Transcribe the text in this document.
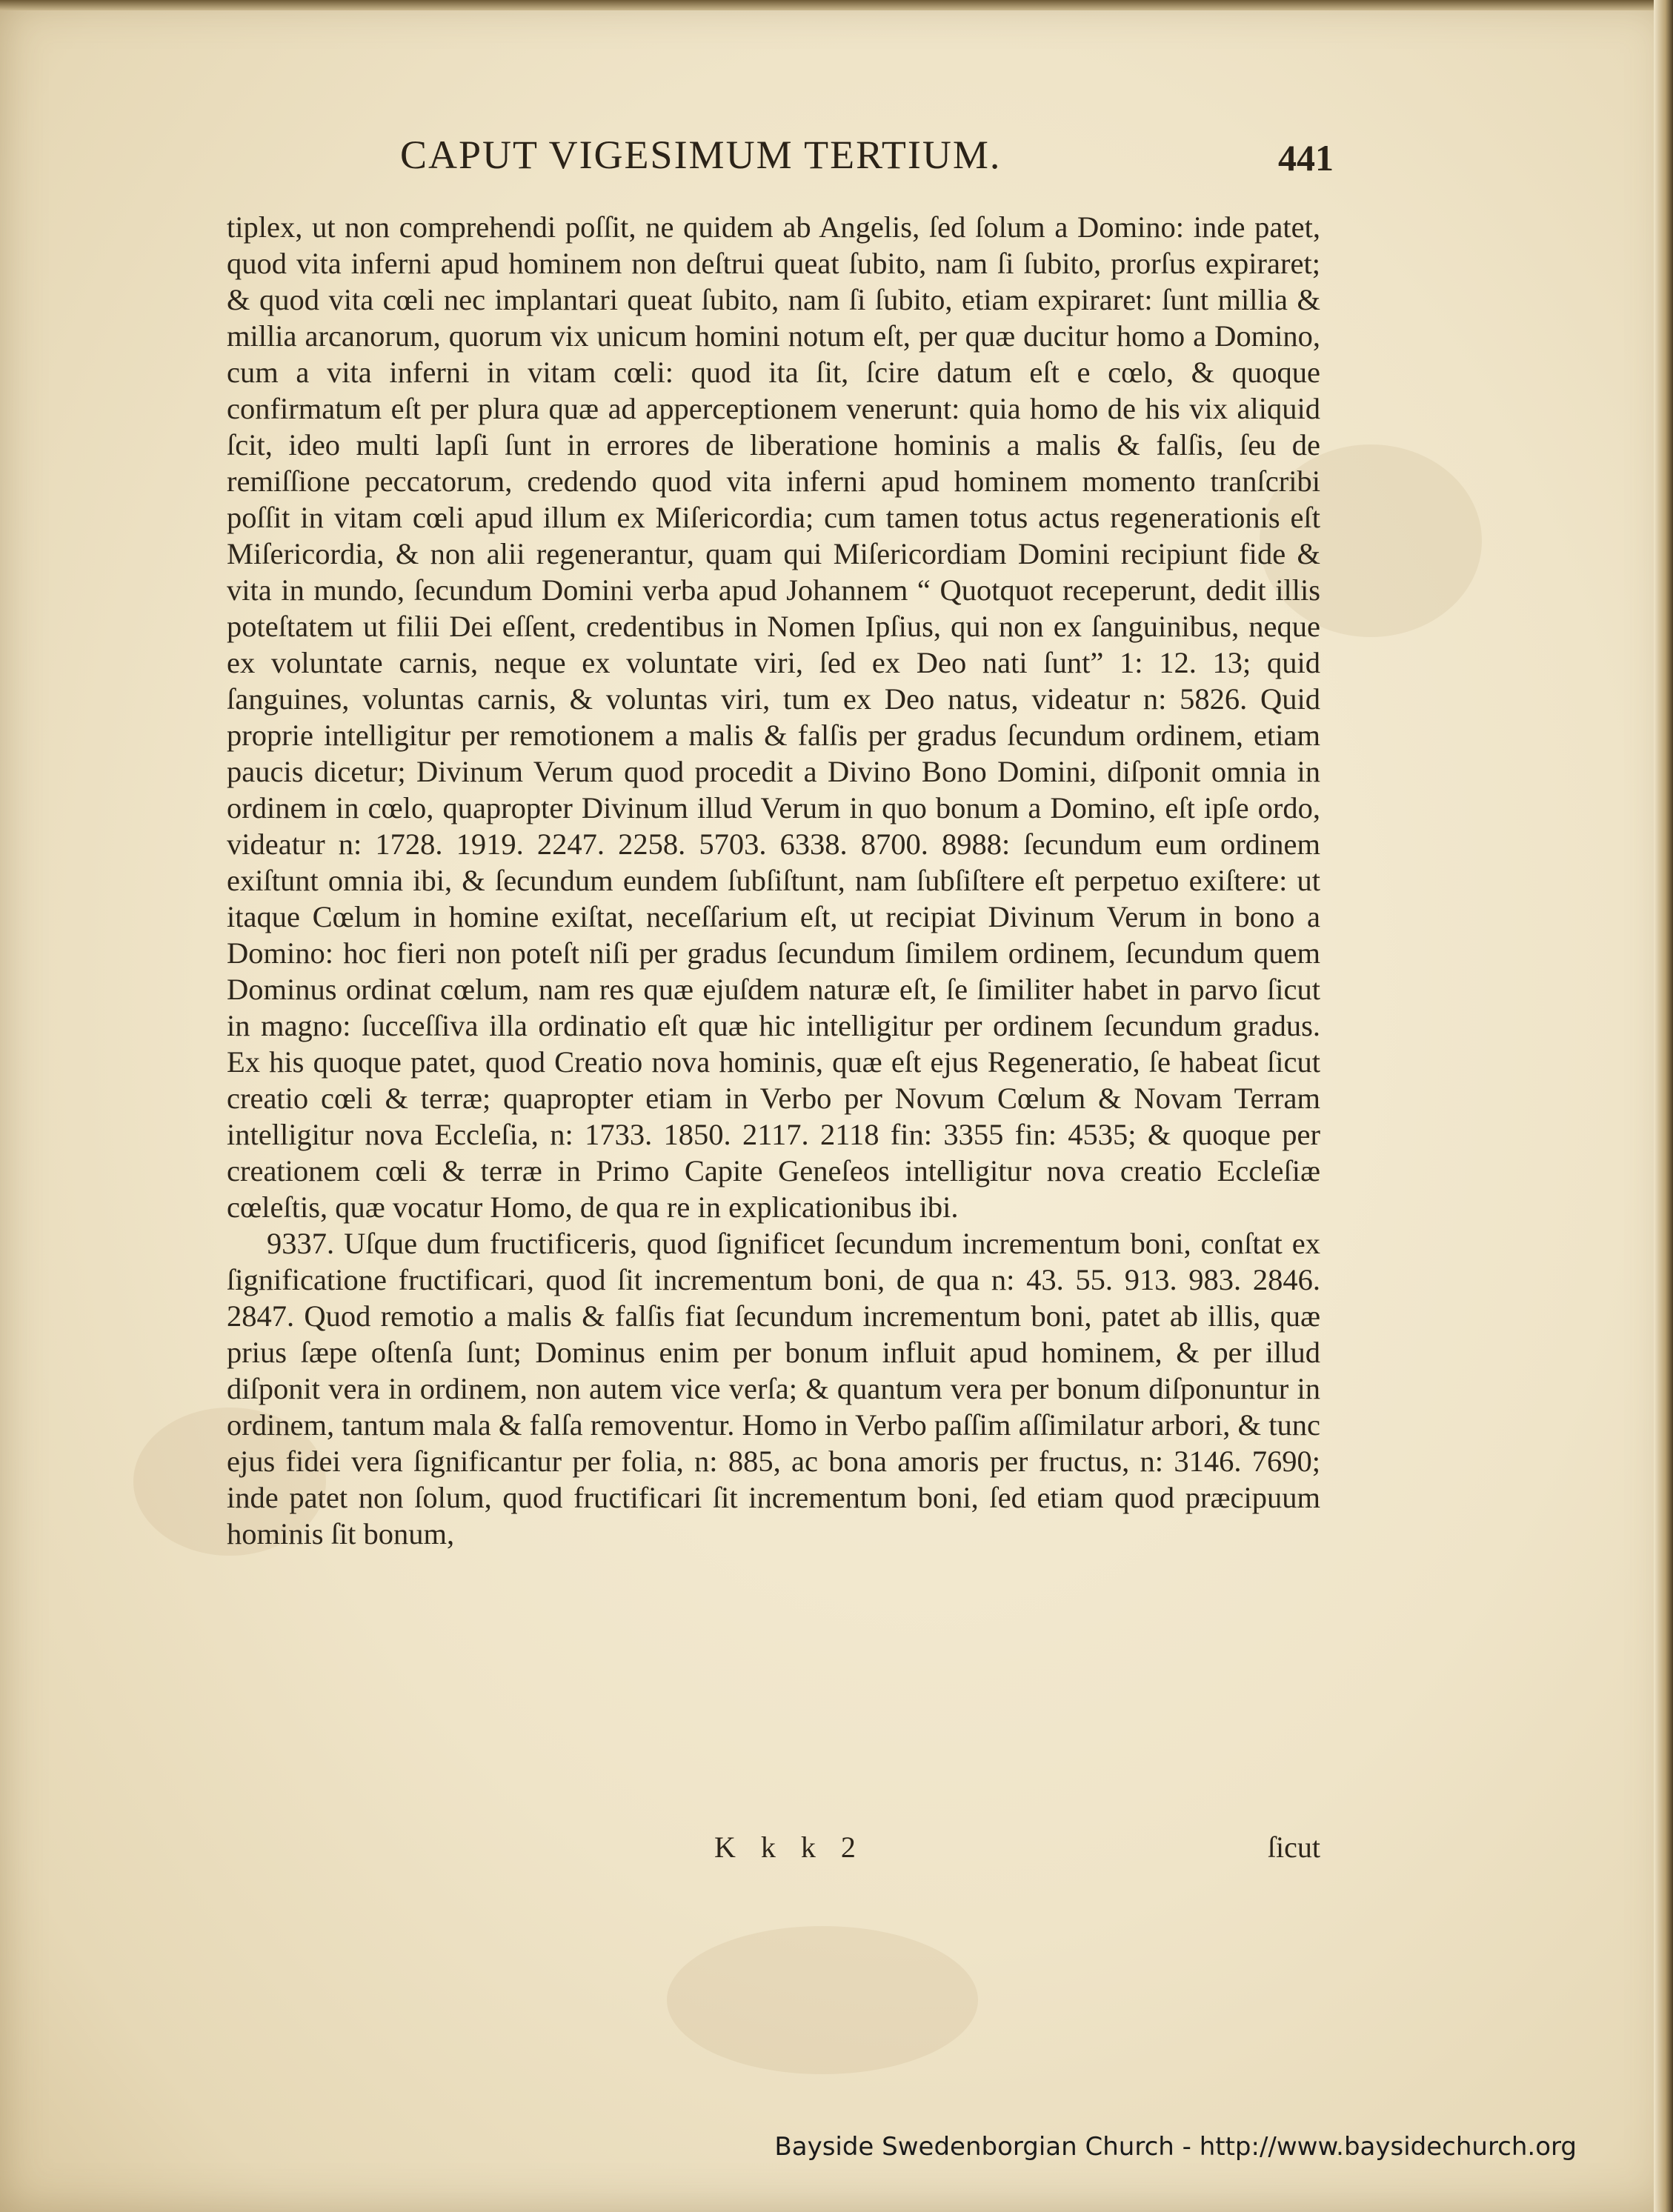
CAPUT VIGESIMUM TERTIUM.	441

tiplex, ut non comprehendi poſſit, ne quidem ab Angelis, ſed ſolum a Domino: inde patet, quod vita inferni apud hominem non deſtrui queat ſubito, nam ſi ſubito, prorſus expiraret; & quod vita cœli nec implantari queat ſubito, nam ſi ſubito, etiam expiraret: ſunt millia & millia arcanorum, quorum vix unicum homini notum eſt, per quæ ducitur homo a Domino, cum a vita inferni in vitam cœli: quod ita ſit, ſcire datum eſt e cœlo, & quoque confirmatum eſt per plura quæ ad apperceptionem venerunt: quia homo de his vix aliquid ſcit, ideo multi lapſi ſunt in errores de liberatione hominis a malis & falſis, ſeu de remiſſione peccatorum, credendo quod vita inferni apud hominem momento tranſcribi poſſit in vitam cœli apud illum ex Miſericordia; cum tamen totus actus regenerationis eſt Miſericordia, & non alii regenerantur, quam qui Miſericordiam Domini recipiunt fide & vita in mundo, ſecundum Domini verba apud Johannem “ Quotquot receperunt, dedit illis poteſtatem ut filii Dei eſſent, credentibus in Nomen Ipſius, qui non ex ſanguinibus, neque ex voluntate carnis, neque ex voluntate viri, ſed ex Deo nati ſunt” 1: 12. 13; quid ſanguines, voluntas carnis, & voluntas viri, tum ex Deo natus, videatur n: 5826. Quid proprie intelligitur per remotionem a malis & falſis per gradus ſecundum ordinem, etiam paucis dicetur; Divinum Verum quod procedit a Divino Bono Domini, diſponit omnia in ordinem in cœlo, quapropter Divinum illud Verum in quo bonum a Domino, eſt ipſe ordo, videatur n: 1728. 1919. 2247. 2258. 5703. 6338. 8700. 8988: ſecundum eum ordinem exiſtunt omnia ibi, & ſecundum eundem ſubſiſtunt, nam ſubſiſtere eſt perpetuo exiſtere: ut itaque Cœlum in homine exiſtat, neceſſarium eſt, ut recipiat Divinum Verum in bono a Domino: hoc fieri non poteſt niſi per gradus ſecundum ſimilem ordinem, ſecundum quem Dominus ordinat cœlum, nam res quæ ejuſdem naturæ eſt, ſe ſimiliter habet in parvo ſicut in magno: ſucceſſiva illa ordinatio eſt quæ hic intelligitur per ordinem ſecundum gradus. Ex his quoque patet, quod Creatio nova hominis, quæ eſt ejus Regeneratio, ſe habeat ſicut creatio cœli & terræ; quapropter etiam in Verbo per Novum Cœlum & Novam Terram intelligitur nova Eccleſia, n: 1733. 1850. 2117. 2118 fin: 3355 fin: 4535; & quoque per creationem cœli & terræ in Primo Capite Geneſeos intelligitur nova creatio Eccleſiæ cœleſtis, quæ vocatur Homo, de qua re in explicationibus ibi.

9337. Uſque dum fructificeris, quod ſignificet ſecundum incrementum boni, conſtat ex ſignificatione fructificari, quod ſit incrementum boni, de qua n: 43. 55. 913. 983. 2846. 2847. Quod remotio a malis & falſis fiat ſecundum incrementum boni, patet ab illis, quæ prius ſæpe oſtenſa ſunt; Dominus enim per bonum influit apud hominem, & per illud diſponit vera in ordinem, non autem vice verſa; & quantum vera per bonum diſponuntur in ordinem, tantum mala & falſa removentur. Homo in Verbo paſſim aſſimilatur arbori, & tunc ejus fidei vera ſignificantur per folia, n: 885, ac bona amoris per fructus, n: 3146. 7690; inde patet non ſolum, quod fructificari ſit incrementum boni, ſed etiam quod præcipuum hominis ſit bonum,

K k k 2	ſicut
Bayside Swedenborgian Church - http://www.baysidechurch.org
